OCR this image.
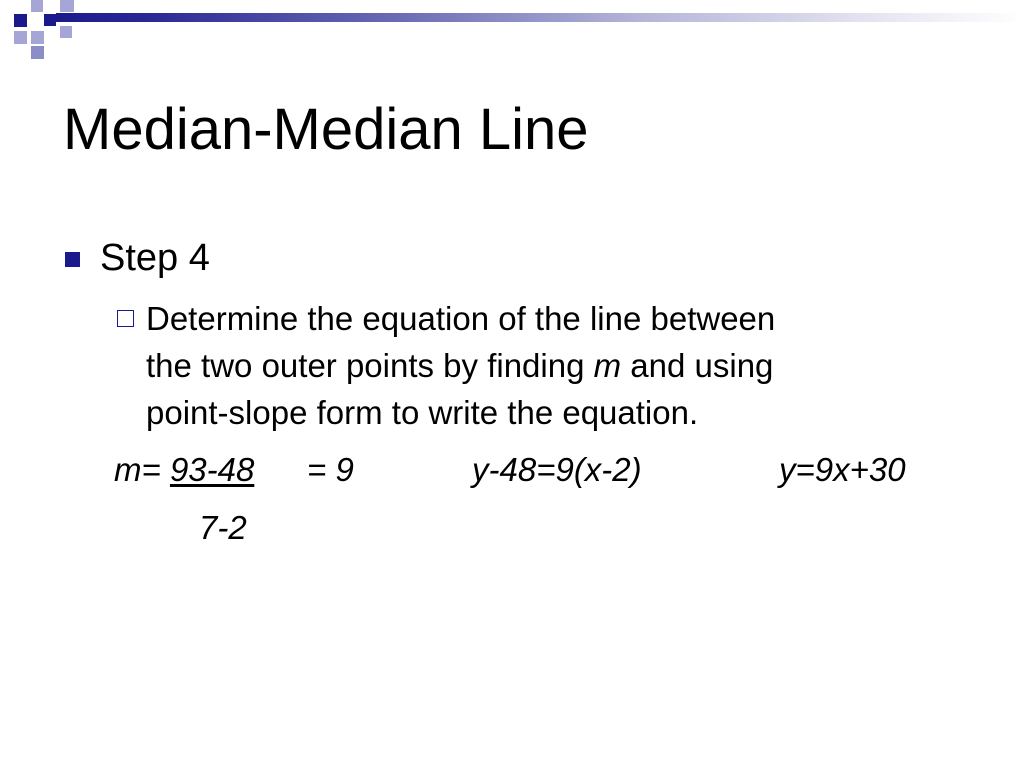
Median-Median Line
Step 4

Determine the equation of the line between
the two outer points by finding m and using
point-slope form to write the equation.

m= 93-48 = 9	y-48=9(x-2)	y=9x+30
7-2
